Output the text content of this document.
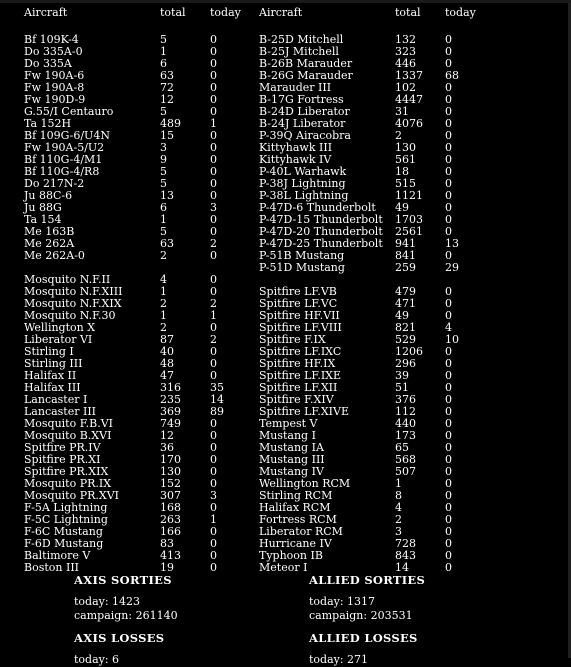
Aircraft	total today
Bf 109K-4	5	0
Do 335A-0	1	0
Do 335A	6	0
Fw 190A-6	63	0
Fw 190A-8	72	0
Fw 190D-9	12	0
G.55/I Centauro	5	0
Ta 152H	489	1
Bf 109G-6/U4N	15	0
Fw 190A-5/U2	3	0
Bf 110G-4/M1	9	0
Bf 110G-4/R8	5	0
Do 217N-2	5	0
Ju 88C-6	13	0
Ju 88G	6	3
Ta 154	1	0
Me 163B	5	0
Me 262A	63	2
Me 262A-0	2	0
Mosquito N.F.II	4	0
Mosquito N.F.XIII	1	0
Mosquito N.F.XIX	2	2
Mosquito N.F.30	1	1
Wellington X	2	0
Liberator VI	87	2
Stirling I	40	0
Stirling III	48	0
Halifax II	47	0
Halifax III	316	35
Lancaster I	235	14
Lancaster III	369	89
Mosquito F.B.VI	749	0
Mosquito B.XVI	12	0
Spitfire PR.IV	36	0
Spitfire PR.XI	170	0
Spitfire PR.XIX	130	0
Mosquito PR.IX	152	0
Mosquito PR.XVI	307	3
F-5A Lightning	168	0
F-5C Lightning	263	1
F-6C Mustang	166	0
F-6D Mustang	83	0
Baltimore V	413	0
Boston III	19	0
Aircraft	total today
B-25D Mitchell	132	0
B-25J Mitchell	323	0
B-26B Marauder	446	0
B-26G Marauder	1337 68
Marauder III	102	0
B-17G Fortress	4447 0
B-24D Liberator	31	0
B-24J Liberator	4076 0
P-39Q Airacobra	2	0
Kittyhawk III	130	0
Kittyhawk IV	561	0
P-40L Warhawk	18	0
P-38J Lightning	515	0
P-38L Lightning	1121 0
P-47D-6 Thunderbolt 49	0
P-47D-15 Thunderbolt 1703 0
P-47D-20 Thunderbolt 2561 0
P-47D-25 Thunderbolt 941	13
P-51B Mustang	841	0
P-51D Mustang	259	29
Spitfire LF.VB	479	0
Spitfire LF.VC	471	0
Spitfire HF.VII	49	0
Spitfire LF.VIII	821	4
Spitfire F.IX	529	10
Spitfire LF.IXC	1206 0
Spitfire HF.IX	296	0
Spitfire LF.IXE	39	0
Spitfire LF.XII	51	0
Spitfire F.XIV	376	0
Spitfire LF.XIVE	112	0
Tempest V	440	0
Mustang I	173	0
Mustang IA	65	0
Mustang III	568	0
Mustang IV	507	0
Wellington RCM	1	0
Stirling RCM	8	0
Halifax RCM	4	0
Fortress RCM	2	0
Liberator RCM	3	0
Hurricane IV	728	0
Typhoon IB	843	0
Meteor I	14	0
AXIS SORTIES
today: 1423
campaign: 261140
AXIS LOSSES
today: 6
ALLIED SORTIES
today: 1317
campaign: 203531
ALLIED LOSSES
today: 271
